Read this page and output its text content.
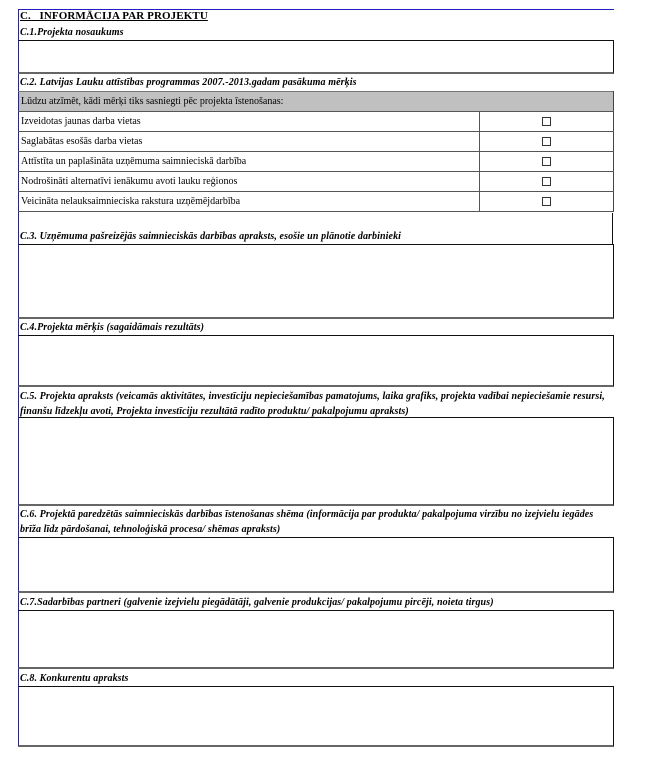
C.   INFORMĀCIJA PAR PROJEKTU
C.1.Projekta nosaukums
C.2. Latvijas Lauku attīstības programmas 2007.-2013.gadam pasākuma mērķis
Lūdzu atzīmēt, kādi mērķi tiks sasniegti pēc projekta īstenošanas:	
Izveidotas jaunas darba vietas	
Saglabātas esošās darba vietas	
Attīstīta un paplašināta uzņēmuma saimnieciskā darbība	
Nodrošināti alternatīvi ienākumu avoti lauku reģionos	
Veicināta nelauksaimnieciska rakstura uzņēmējdarbība	
C.3. Uzņēmuma pašreizējās saimnieciskās darbības apraksts, esošie un plānotie darbinieki
C.4.Projekta mērķis (sagaidāmais rezultāts)
C.5. Projekta apraksts (veicamās aktivitātes, investīciju nepieciešamības pamatojums, laika grafiks, projekta vadībai nepieciešamie resursi, finanšu līdzekļu avoti, Projekta investīciju rezultātā radīto produktu/ pakalpojumu apraksts)
C.6. Projektā paredzētās saimnieciskās darbības īstenošanas shēma (informācija par produkta/ pakalpojuma virzību no izejvielu iegādes brīža līdz pārdošanai, tehnoloģiskā procesa/ shēmas apraksts)
C.7.Sadarbības partneri (galvenie izejvielu piegādātāji, galvenie produkcijas/ pakalpojumu pircēji, noieta tirgus)
C.8. Konkurentu apraksts
